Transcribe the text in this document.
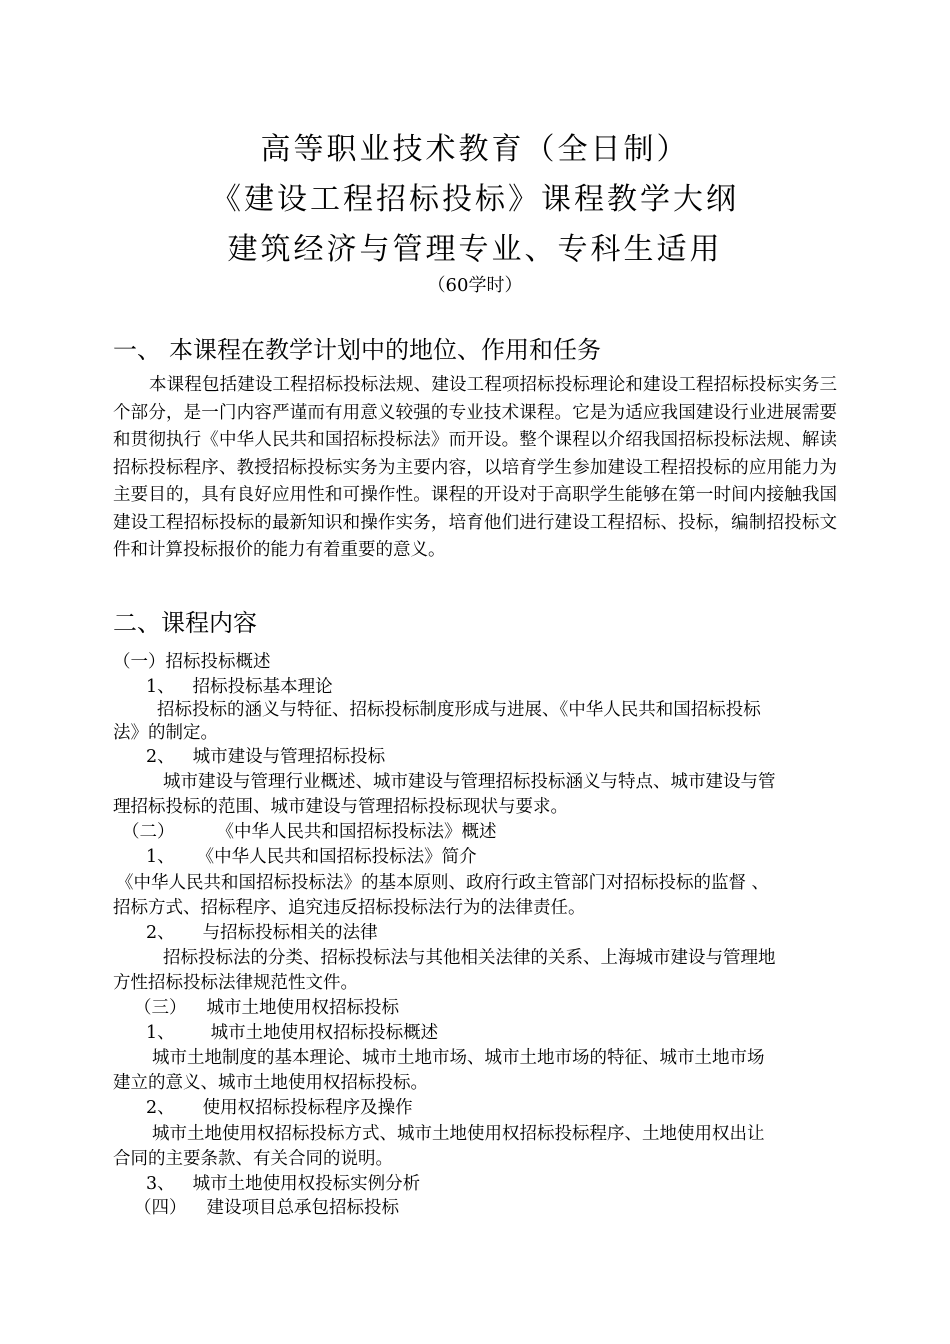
高等职业技术教育（全日制）
《建设工程招标投标》课程教学大纲
建筑经济与管理专业、专科生适用
（60学时）
一、 本课程在教学计划中的地位、作用和任务
本课程包括建设工程招标投标法规、建设工程项招标投标理论和建设工程招标投标实务三个部分，是一门内容严谨而有用意义较强的专业技术课程。它是为适应我国建设行业进展需要和贯彻执行《中华人民共和国招标投标法》而开设。整个课程以介绍我国招标投标法规、解读招标投标程序、教授招标投标实务为主要内容，以培育学生参加建设工程招投标的应用能力为主要目的，具有良好应用性和可操作性。课程的开设对于高职学生能够在第一时间内接触我国建设工程招标投标的最新知识和操作实务，培育他们进行建设工程招标、投标，编制招投标文件和计算投标报价的能力有着重要的意义。
二、课程内容
（一）招标投标概述
1、 招标投标基本理论
招标投标的涵义与特征、招标投标制度形成与进展、《中华人民共和国招标投标
法》的制定。
2、 城市建设与管理招标投标
城市建设与管理行业概述、城市建设与管理招标投标涵义与特点、城市建设与管
理招标投标的范围、城市建设与管理招标投标现状与要求。
（二） 《中华人民共和国招标投标法》概述
1、 《中华人民共和国招标投标法》简介
《中华人民共和国招标投标法》的基本原则、政府行政主管部门对招标投标的监督 、
招标方式、招标程序、追究违反招标投标法行为的法律责任。
2、 与招标投标相关的法律
招标投标法的分类、招标投标法与其他相关法律的关系、上海城市建设与管理地
方性招标投标法律规范性文件。
（三） 城市土地使用权招标投标
1、 城市土地使用权招标投标概述
城市土地制度的基本理论、城市土地市场、城市土地市场的特征、城市土地市场
建立的意义、城市土地使用权招标投标。
2、 使用权招标投标程序及操作
城市土地使用权招标投标方式、城市土地使用权招标投标程序、土地使用权出让
合同的主要条款、有关合同的说明。
3、 城市土地使用权投标实例分析
（四） 建设项目总承包招标投标
